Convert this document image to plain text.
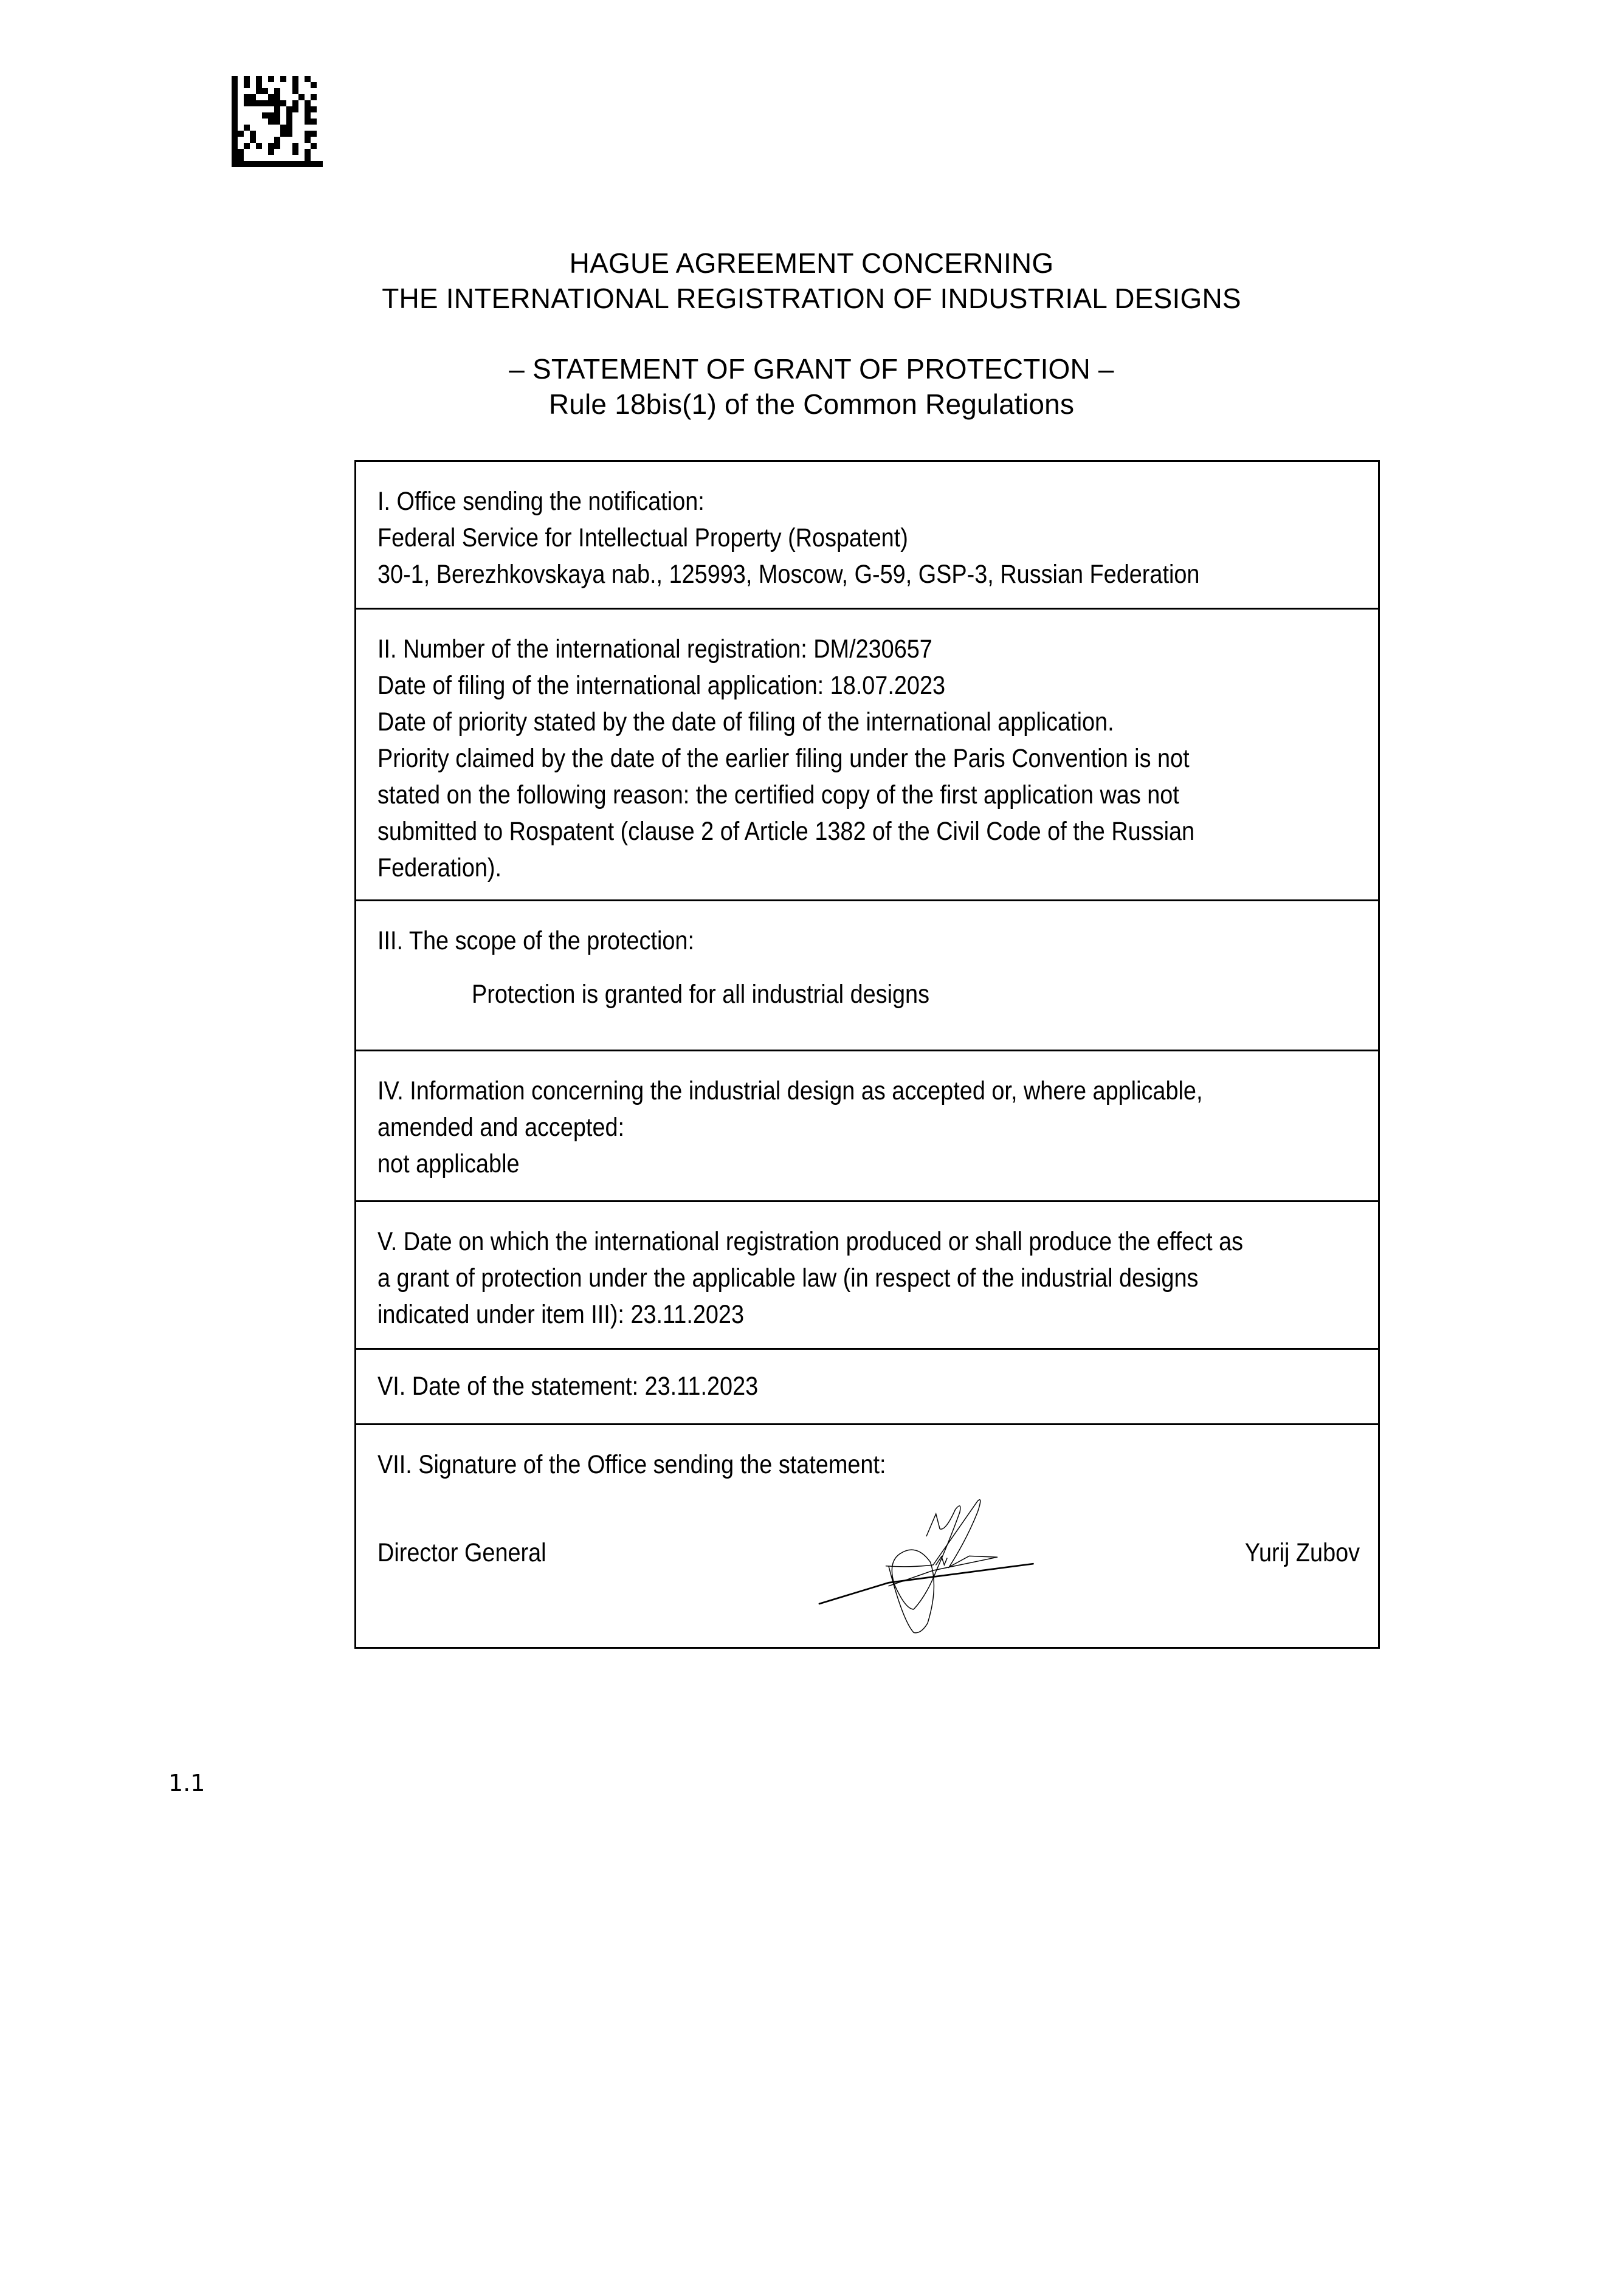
HAGUE AGREEMENT CONCERNING
THE INTERNATIONAL REGISTRATION OF INDUSTRIAL DESIGNS
– STATEMENT OF GRANT OF PROTECTION –
Rule 18bis(1) of the Common Regulations
I. Office sending the notification:
Federal Service for Intellectual Property (Rospatent)
30-1, Berezhkovskaya nab., 125993, Moscow, G-59, GSP-3, Russian Federation
II. Number of the international registration: DM/230657
Date of filing of the international application: 18.07.2023
Date of priority stated by the date of filing of the international application.
Priority claimed by the date of the earlier filing under the Paris Convention is not
stated on the following reason: the certified copy of the first application was not
submitted to Rospatent (clause 2 of Article 1382 of the Civil Code of the Russian
Federation).
III. The scope of the protection:
Protection is granted for all industrial designs
IV. Information concerning the industrial design as accepted or, where applicable,
amended and accepted:
not applicable
V. Date on which the international registration produced or shall produce the effect as
a grant of protection under the applicable law (in respect of the industrial designs
indicated under item III): 23.11.2023
VI. Date of the statement: 23.11.2023
VII. Signature of the Office sending the statement:
Director General	Yurij Zubov
1.1
